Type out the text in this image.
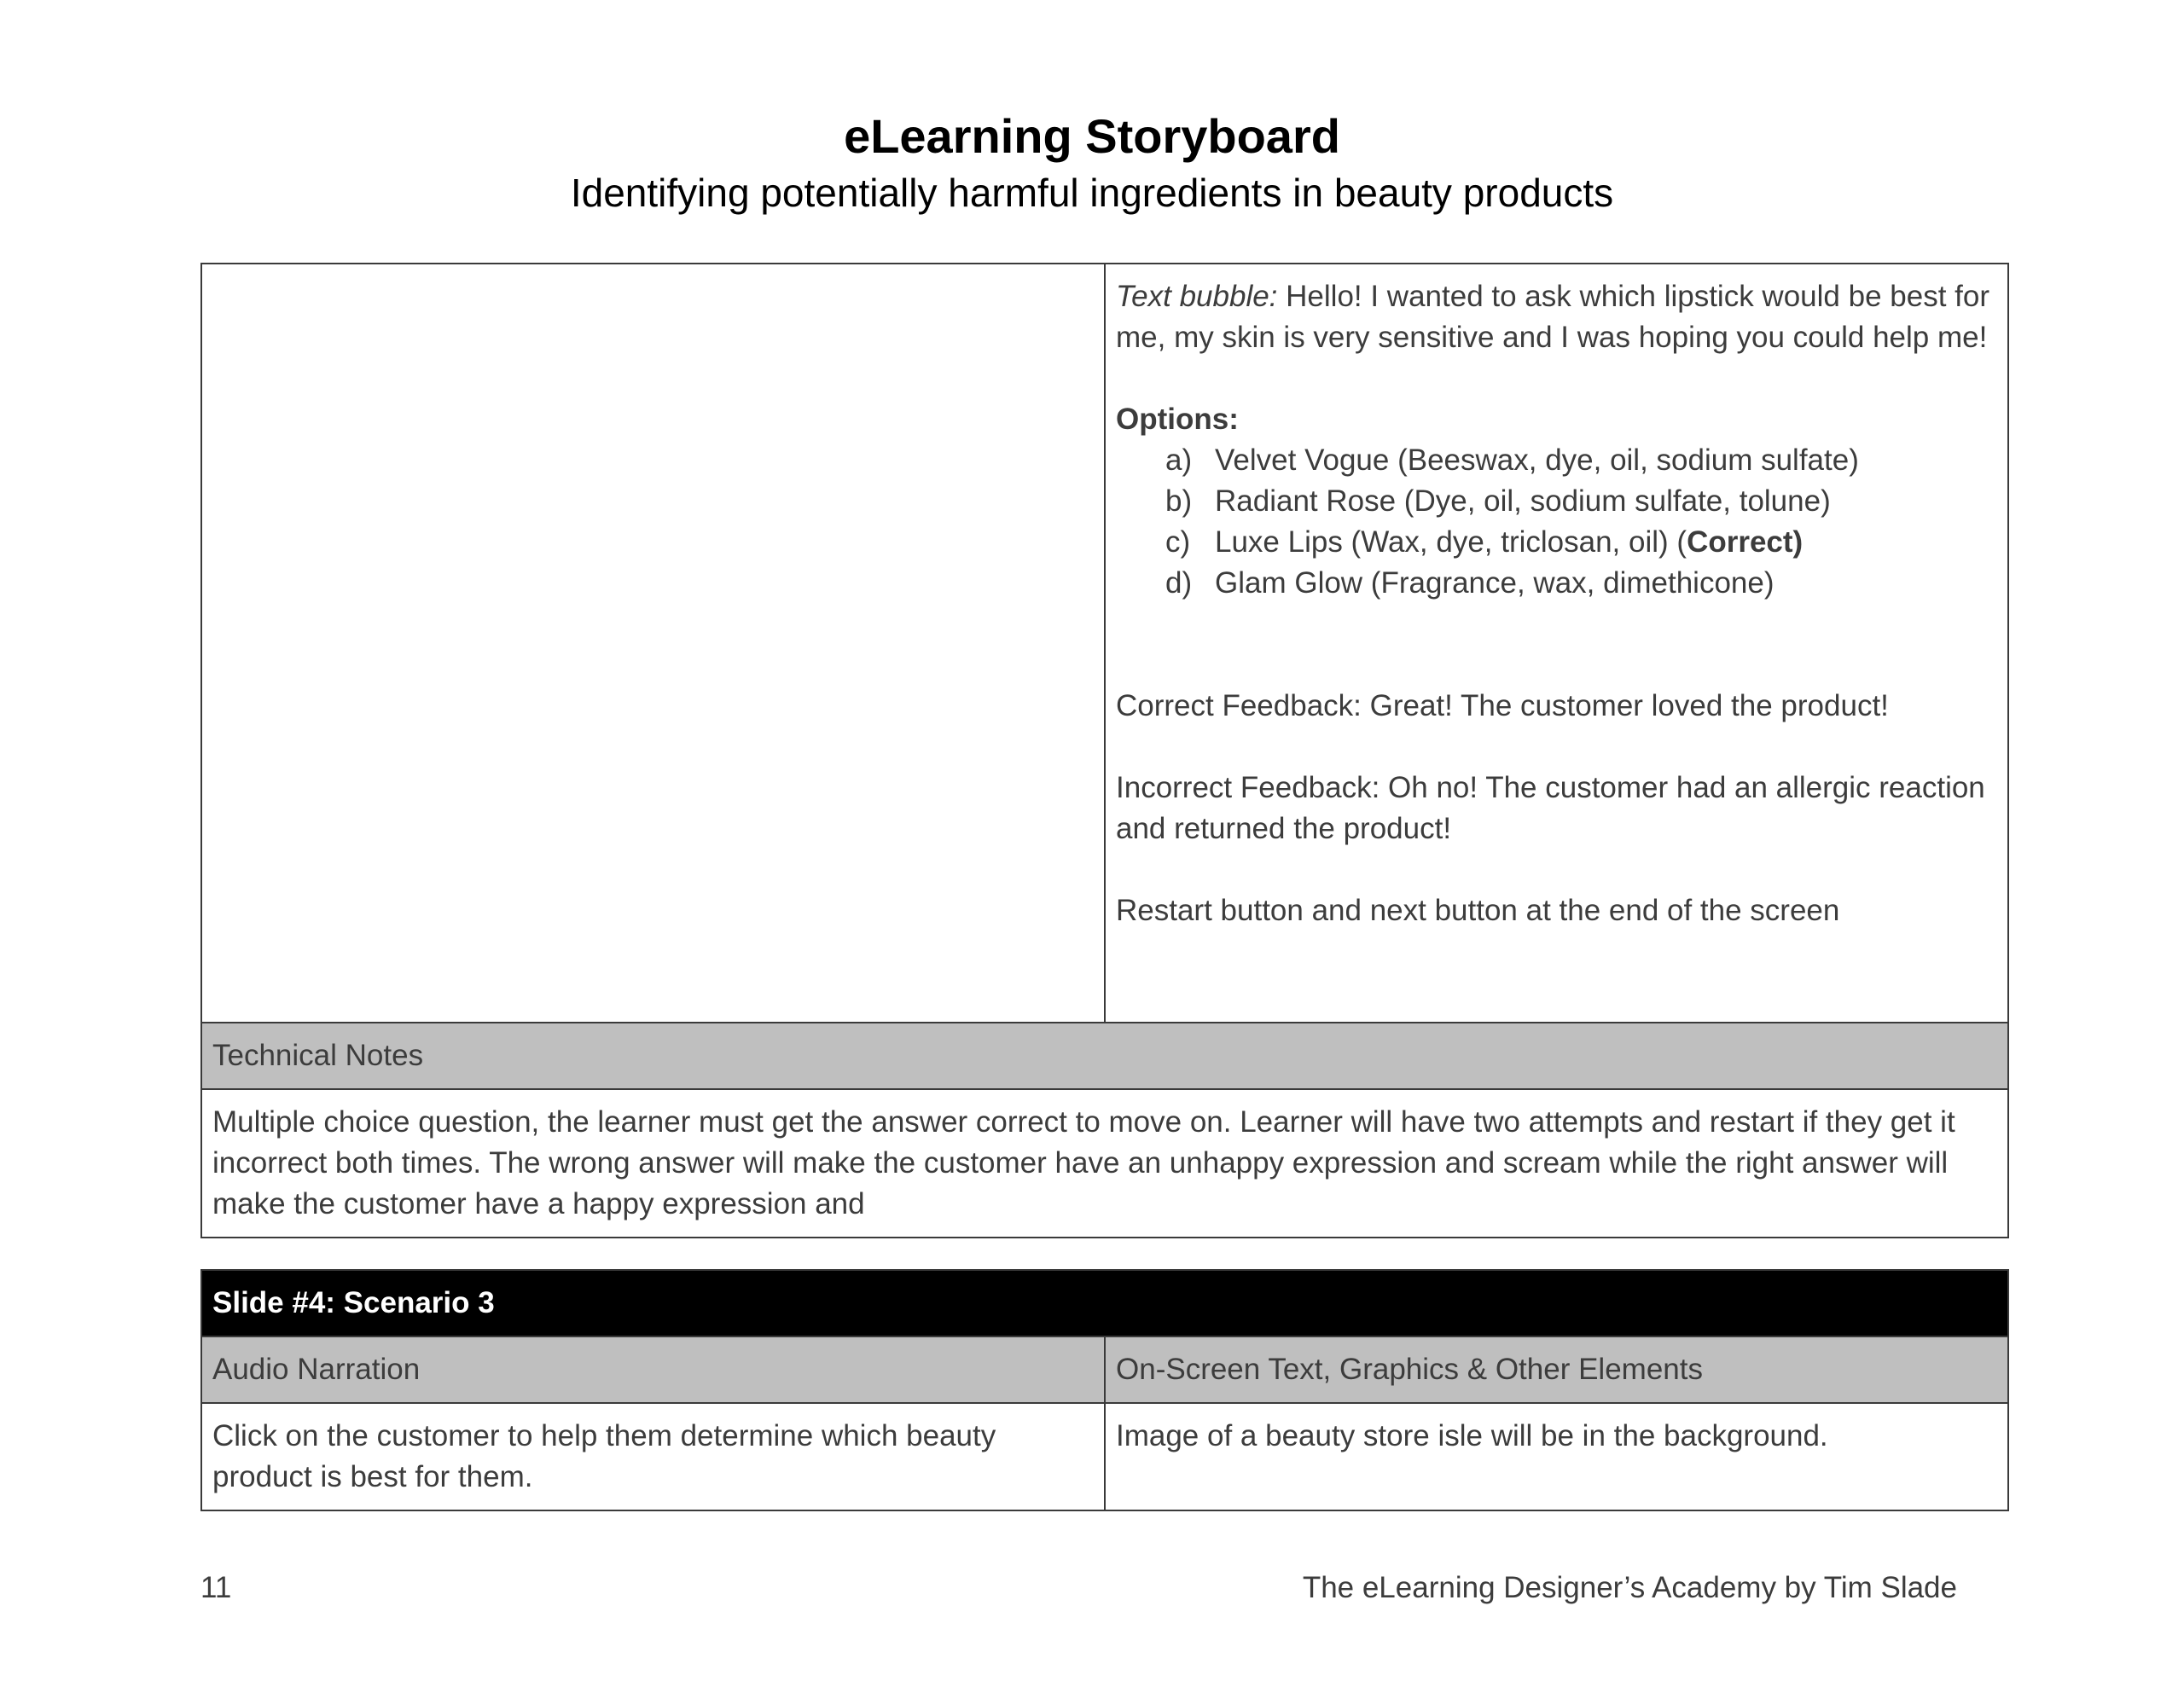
eLearning Storyboard
Identifying potentially harmful ingredients in beauty products

Text bubble: Hello! I wanted to ask which lipstick would be best for me, my skin is very sensitive and I was hoping you could help me!

Options:

a) Velvet Vogue (Beeswax, dye, oil, sodium sulfate)
b) Radiant Rose (Dye, oil, sodium sulfate, tolune)
c) Luxe Lips (Wax, dye, triclosan, oil) (Correct)
d) Glam Glow (Fragrance, wax, dimethicone)

Correct Feedback: Great! The customer loved the product!

Incorrect Feedback: Oh no! The customer had an allergic reaction and returned the product!

Restart button and next button at the end of the screen

Technical Notes
Multiple choice question, the learner must get the answer correct to move on. Learner will have two attempts and restart if they get it incorrect both times. The wrong answer will make the customer have an unhappy expression and scream while the right answer will make the customer have a happy expression and
Slide #4: Scenario 3	
Audio Narration	On-Screen Text, Graphics & Other Elements
Click on the customer to help them determine which beauty product is best for them.	Image of a beauty store isle will be in the background.
11	The eLearning Designer’s Academy by Tim Slade
